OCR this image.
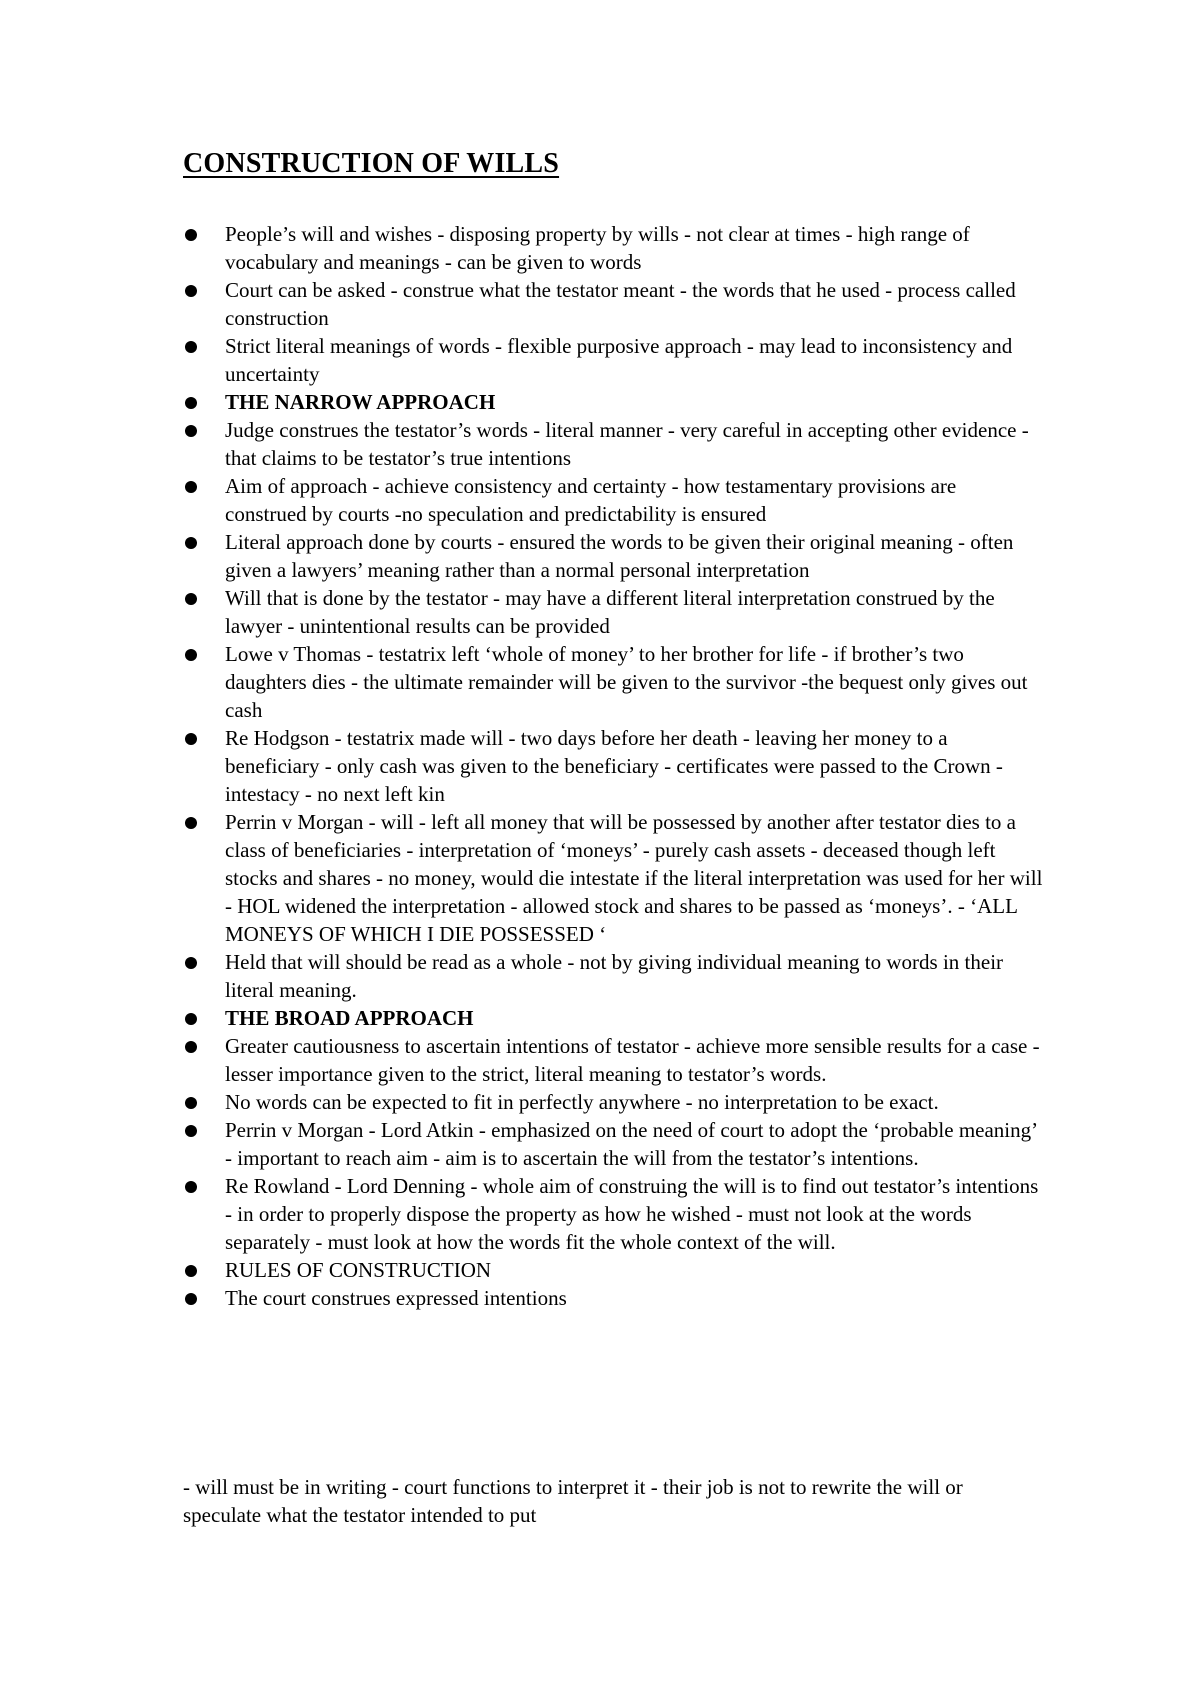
CONSTRUCTION OF WILLS
People’s will and wishes - disposing property by wills - not clear at times - high range of vocabulary and meanings - can be given to words
Court can be asked - construe what the testator meant - the words that he used - process called construction
Strict literal meanings of words - flexible purposive approach - may lead to inconsistency and uncertainty
THE NARROW APPROACH
Judge construes the testator’s words - literal manner - very careful in accepting other evidence - that claims to be testator’s true intentions
Aim of approach - achieve consistency and certainty - how testamentary provisions are construed by courts -no speculation and predictability is ensured
Literal approach done by courts - ensured the words to be given their original meaning - often given a lawyers’ meaning rather than a normal personal interpretation
Will that is done by the testator - may have a different literal interpretation construed by the lawyer - unintentional results can be provided
Lowe v Thomas - testatrix left ‘whole of money’ to her brother for life - if brother’s two daughters dies - the ultimate remainder will be given to the survivor -the bequest only gives out cash
Re Hodgson - testatrix made will - two days before her death - leaving her money to a beneficiary - only cash was given to the beneficiary - certificates were passed to the Crown - intestacy - no next left kin
Perrin v Morgan - will - left all money that will be possessed by another after testator dies to a class of beneficiaries - interpretation of ‘moneys’ - purely cash assets - deceased though left stocks and shares - no money, would die intestate if the literal interpretation was used for her will - HOL widened the interpretation - allowed stock and shares to be passed as ‘moneys’. - ‘ALL MONEYS OF WHICH I DIE POSSESSED ‘
Held that will should be read as a whole - not by giving individual meaning to words in their literal meaning.
THE BROAD APPROACH
Greater cautiousness to ascertain intentions of testator - achieve more sensible results for a case - lesser importance given to the strict, literal meaning to testator’s words.
No words can be expected to fit in perfectly anywhere - no interpretation to be exact.
Perrin v Morgan - Lord Atkin - emphasized on the need of court to adopt the ‘probable meaning’ - important to reach aim - aim is to ascertain the will from the testator’s intentions.
Re Rowland - Lord Denning - whole aim of construing the will is to find out testator’s intentions - in order to properly dispose the property as how he wished - must not look at the words separately - must look at how the words fit the whole context of the will.
RULES OF CONSTRUCTION
The court construes expressed intentions

- will must be in writing - court functions to interpret it - their job is not to rewrite the will or speculate what the testator intended to put
